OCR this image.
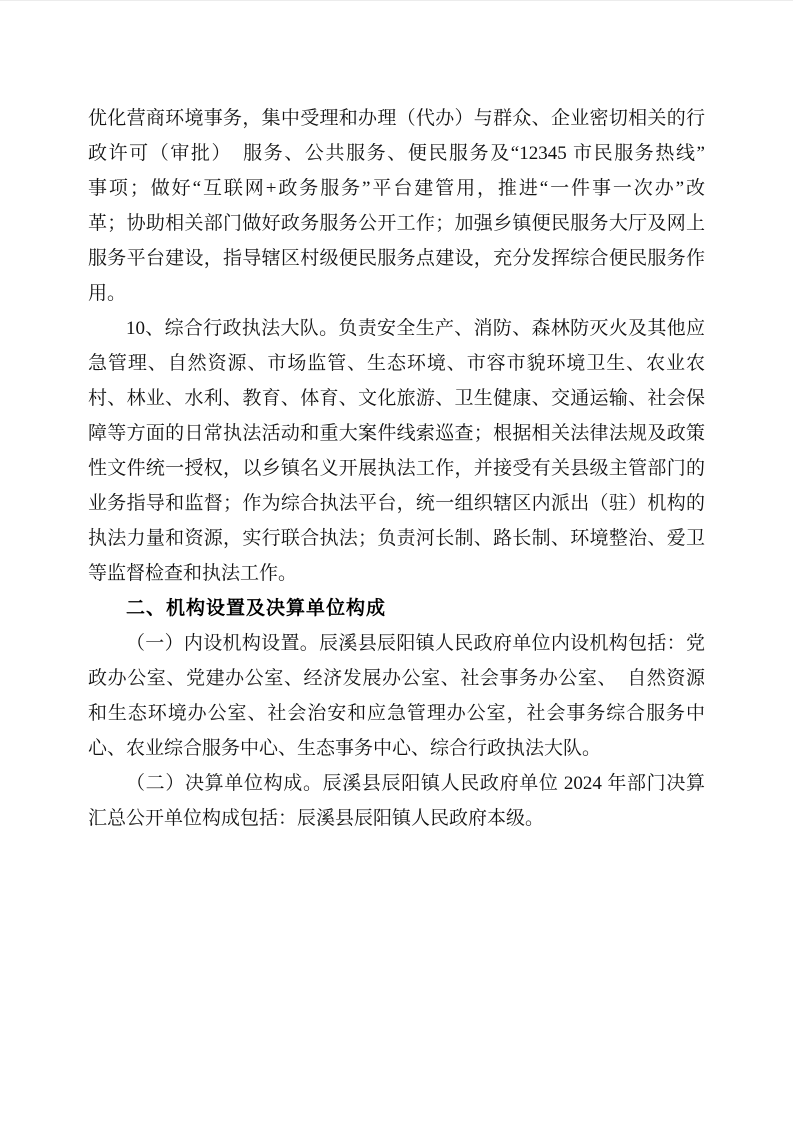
优化营商环境事务，集中受理和办理（代办）与群众、企业密切相关的行
政许可（审批）　服务、公共服务、便民服务及“12345 市民服务热线”
事项；做好“互联网+政务服务”平台建管用，推进“一件事一次办”改
革；协助相关部门做好政务服务公开工作；加强乡镇便民服务大厅及网上
服务平台建设，指导辖区村级便民服务点建设，充分发挥综合便民服务作
用。
10、综合行政执法大队。负责安全生产、消防、森林防灭火及其他应
急管理、自然资源、市场监管、生态环境、市容市貌环境卫生、农业农
村、林业、水利、教育、体育、文化旅游、卫生健康、交通运输、社会保
障等方面的日常执法活动和重大案件线索巡查；根据相关法律法规及政策
性文件统一授权，以乡镇名义开展执法工作，并接受有关县级主管部门的
业务指导和监督；作为综合执法平台，统一组织辖区内派出（驻）机构的
执法力量和资源，实行联合执法；负责河长制、路长制、环境整治、爱卫
等监督检查和执法工作。
二、机构设置及决算单位构成
（一）内设机构设置。辰溪县辰阳镇人民政府单位内设机构包括：党
政办公室、党建办公室、经济发展办公室、社会事务办公室、　自然资源
和生态环境办公室、社会治安和应急管理办公室，社会事务综合服务中
心、农业综合服务中心、生态事务中心、综合行政执法大队。
（二）决算单位构成。辰溪县辰阳镇人民政府单位 2024 年部门决算
汇总公开单位构成包括：辰溪县辰阳镇人民政府本级。
